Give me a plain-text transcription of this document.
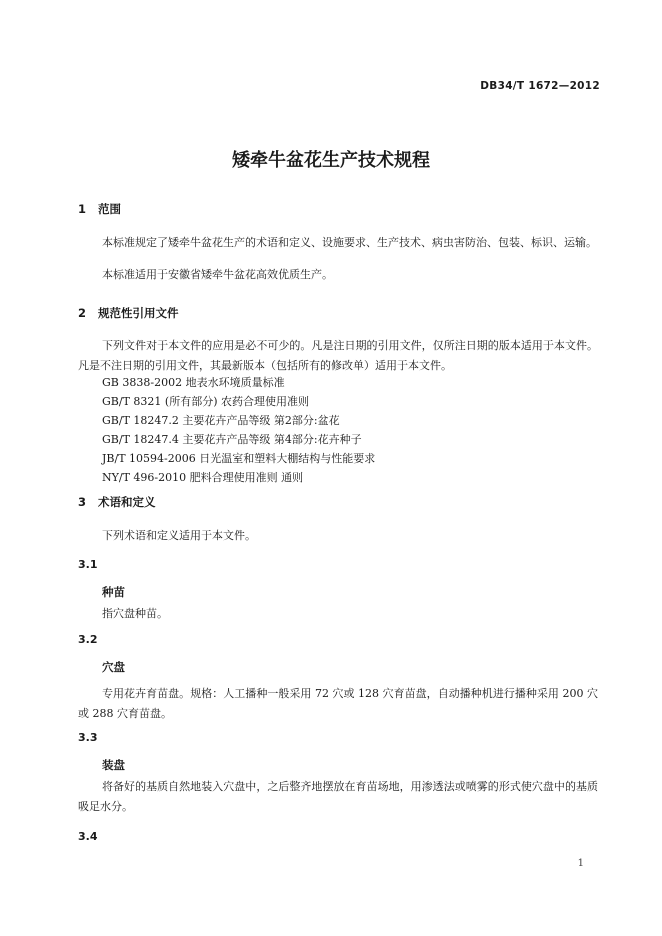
DB34/T 1672—2012
矮牵牛盆花生产技术规程
1 范围
本标准规定了矮牵牛盆花生产的术语和定义、设施要求、生产技术、病虫害防治、包装、标识、运输。
本标准适用于安徽省矮牵牛盆花高效优质生产。
2 规范性引用文件
下列文件对于本文件的应用是必不可少的。凡是注日期的引用文件，仅所注日期的版本适用于本文件。凡是不注日期的引用文件，其最新版本（包括所有的修改单）适用于本文件。
GB 3838-2002 地表水环境质量标准
GB/T 8321 (所有部分) 农药合理使用准则
GB/T 18247.2 主要花卉产品等级 第2部分:盆花
GB/T 18247.4 主要花卉产品等级 第4部分:花卉种子
JB/T 10594-2006 日光温室和塑料大棚结构与性能要求
NY/T 496-2010 肥料合理使用准则 通则
3 术语和定义
下列术语和定义适用于本文件。
3.1
种苗
指穴盘种苗。
3.2
穴盘
专用花卉育苗盘。规格：人工播种一般采用 72 穴或 128 穴育苗盘，自动播种机进行播种采用 200 穴或 288 穴育苗盘。
3.3
装盘
将备好的基质自然地装入穴盘中，之后整齐地摆放在育苗场地，用渗透法或喷雾的形式使穴盘中的基质吸足水分。
3.4
1
